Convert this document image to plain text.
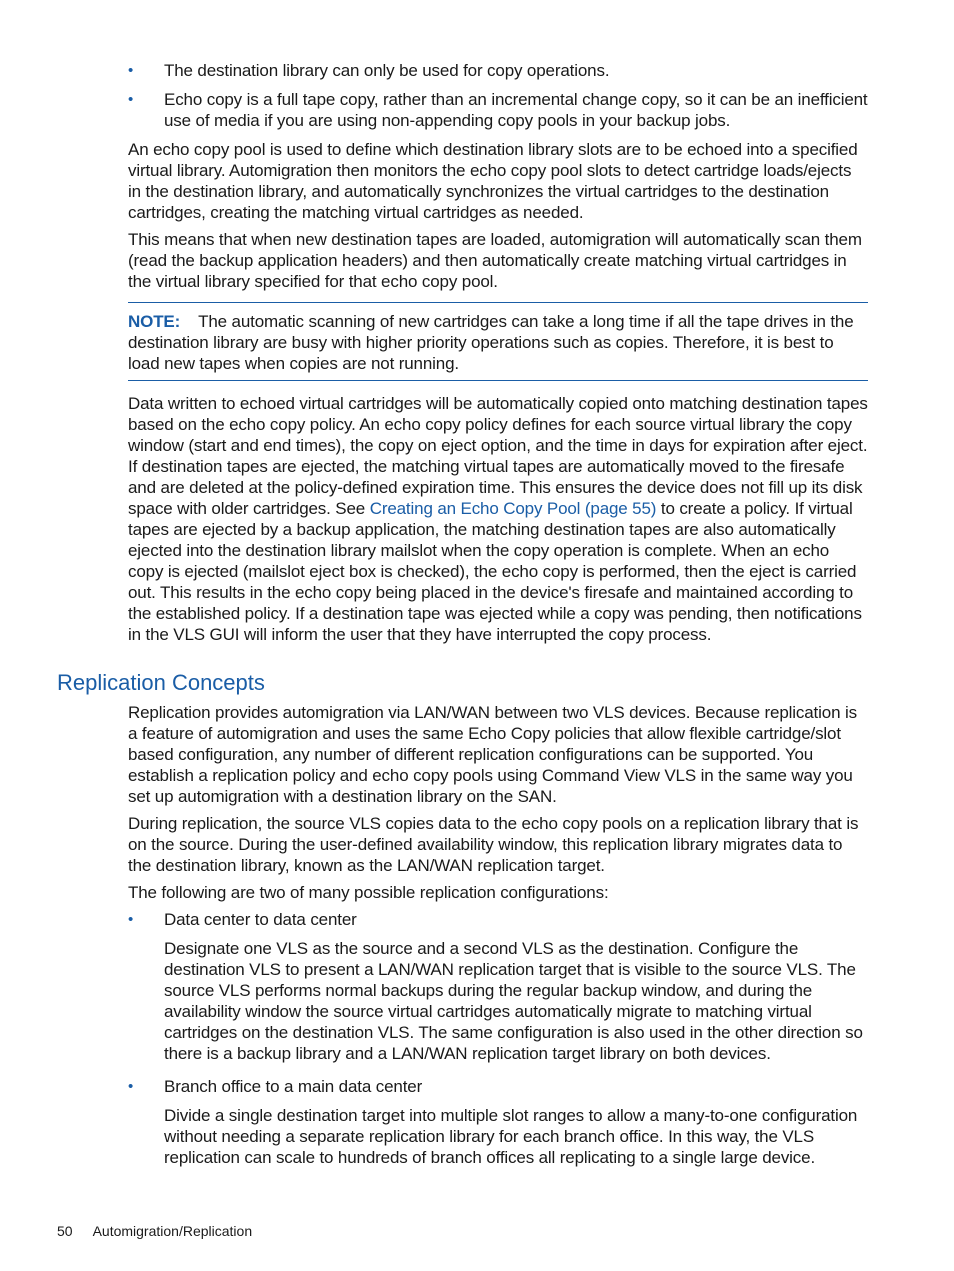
• The destination library can only be used for copy operations.
• Echo copy is a full tape copy, rather than an incremental change copy, so it can be an inefficient use of media if you are using non-appending copy pools in your backup jobs.

An echo copy pool is used to define which destination library slots are to be echoed into a specified virtual library. Automigration then monitors the echo copy pool slots to detect cartridge loads/ejects in the destination library, and automatically synchronizes the virtual cartridges to the destination cartridges, creating the matching virtual cartridges as needed.

This means that when new destination tapes are loaded, automigration will automatically scan them (read the backup application headers) and then automatically create matching virtual cartridges in the virtual library specified for that echo copy pool.

NOTE: The automatic scanning of new cartridges can take a long time if all the tape drives in the destination library are busy with higher priority operations such as copies. Therefore, it is best to load new tapes when copies are not running.

Data written to echoed virtual cartridges will be automatically copied onto matching destination tapes based on the echo copy policy. An echo copy policy defines for each source virtual library the copy window (start and end times), the copy on eject option, and the time in days for expiration after eject. If destination tapes are ejected, the matching virtual tapes are automatically moved to the firesafe and are deleted at the policy-defined expiration time. This ensures the device does not fill up its disk space with older cartridges. See Creating an Echo Copy Pool (page 55) to create a policy. If virtual tapes are ejected by a backup application, the matching destination tapes are also automatically ejected into the destination library mailslot when the copy operation is complete. When an echo copy is ejected (mailslot eject box is checked), the echo copy is performed, then the eject is carried out. This results in the echo copy being placed in the device's firesafe and maintained according to the established policy. If a destination tape was ejected while a copy was pending, then notifications in the VLS GUI will inform the user that they have interrupted the copy process.

Replication Concepts

Replication provides automigration via LAN/WAN between two VLS devices. Because replication is a feature of automigration and uses the same Echo Copy policies that allow flexible cartridge/slot based configuration, any number of different replication configurations can be supported. You establish a replication policy and echo copy pools using Command View VLS in the same way you set up automigration with a destination library on the SAN.

During replication, the source VLS copies data to the echo copy pools on a replication library that is on the source. During the user-defined availability window, this replication library migrates data to the destination library, known as the LAN/WAN replication target.

The following are two of many possible replication configurations:

• Data center to data center

Designate one VLS as the source and a second VLS as the destination. Configure the destination VLS to present a LAN/WAN replication target that is visible to the source VLS. The source VLS performs normal backups during the regular backup window, and during the availability window the source virtual cartridges automatically migrate to matching virtual cartridges on the destination VLS. The same configuration is also used in the other direction so there is a backup library and a LAN/WAN replication target library on both devices.

• Branch office to a main data center

Divide a single destination target into multiple slot ranges to allow a many-to-one configuration without needing a separate replication library for each branch office. In this way, the VLS replication can scale to hundreds of branch offices all replicating to a single large device.

50 Automigration/Replication
